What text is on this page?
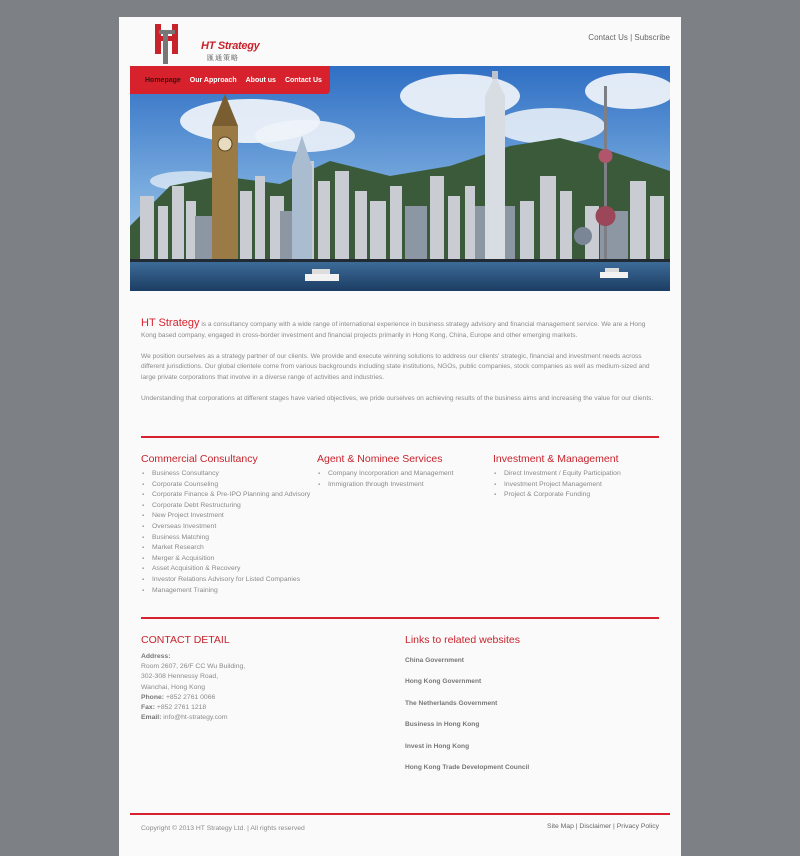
HT Strategy
匯通策略
Contact Us | Subscribe
Homepage Our Approach About us Contact Us

HT Strategy is a consultancy company with a wide range of international experience in business strategy advisory and financial management service. We are a Hong Kong based company, engaged in cross-border investment and financial projects primarily in Hong Kong, China, Europe and other emerging markets.

We position ourselves as a strategy partner of our clients. We provide and execute winning solutions to address our clients' strategic, financial and investment needs across different jurisdictions. Our global clientele come from various backgrounds including state institutions, NGOs, public companies, stock companies as well as medium-sized and large private corporations that involve in a diverse range of activities and industries.

Understanding that corporations at different stages have varied objectives, we pride ourselves on achieving results of the business aims and increasing the value for our clients.

Commercial Consultancy
▪ Business Consultancy
▪ Corporate Counseling
▪ Corporate Finance & Pre-IPO Planning and Advisory
▪ Corporate Debt Restructuring
▪ New Project Investment
▪ Overseas Investment
▪ Business Matching
▪ Market Research
▪ Merger & Acquisition
▪ Asset Acquisition & Recovery
▪ Investor Relations Advisory for Listed Companies
▪ Management Training
Agent & Nominee Services
▪ Company Incorporation and Management
▪ Immigration through Investment
Investment & Management
▪ Direct Investment / Equity Participation
▪ Investment Project Management
▪ Project & Corporate Funding
CONTACT DETAIL
Address:
Room 2607, 26/F CC Wu Building,
302-308 Hennessy Road,
Wanchai, Hong Kong
Phone: +852 2761 0066
Fax: +852 2761 1218
Email: info@ht-strategy.com
Links to related websites
China Government
Hong Kong Government
The Netherlands Government
Business in Hong Kong
Invest in Hong Kong
Hong Kong Trade Development Council
Copyright © 2013 HT Strategy Ltd. | All rights reserved	Site Map | Disclaimer | Privacy Policy
